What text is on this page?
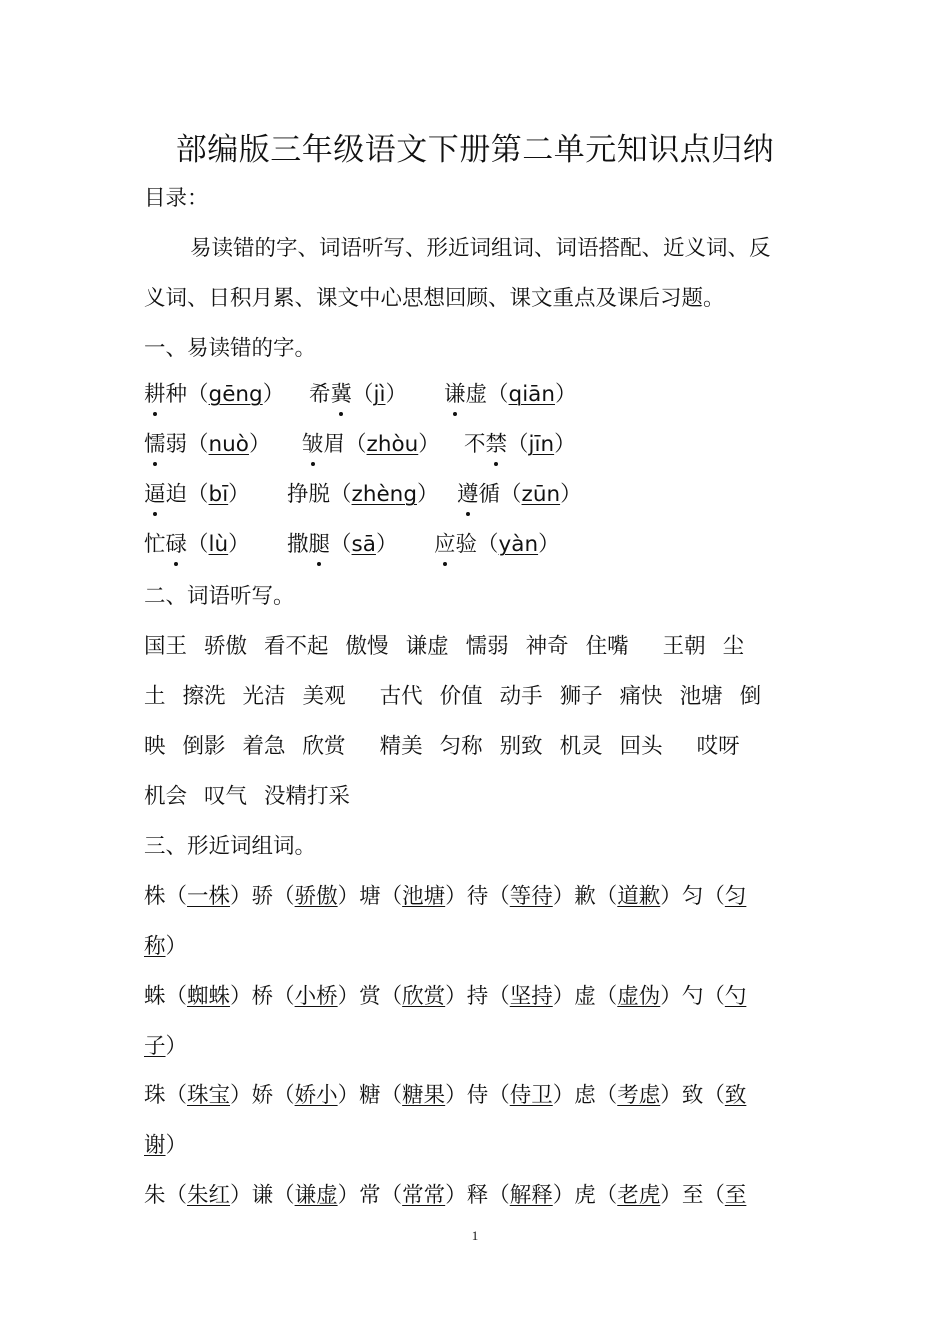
部编版三年级语文下册第二单元知识点归纳
目录：
易读错的字、词语听写、形近词组词、词语搭配、近义词、反
义词、日积月累、课文中心思想回顾、课文重点及课后习题。
一、易读错的字。
耕种（gēng） 希冀（jì） 谦虚（qiān）
懦弱（nuò） 皱眉（zhòu） 不禁（jīn）
逼迫（bī） 挣脱（zhèng） 遵循（zūn）
忙碌（lù） 撒腿（sā） 应验（yàn）
二、词语听写。
国王 骄傲 看不起 傲慢 谦虚 懦弱 神奇 住嘴 王朝 尘
土 擦洗 光洁 美观 古代 价值 动手 狮子 痛快 池塘 倒
映 倒影 着急 欣赏 精美 匀称 别致 机灵 回头 哎呀
机会 叹气 没精打采
三、形近词组词。
株（一株）骄（骄傲）塘（池塘）待（等待）歉（道歉）匀（匀
称）
蛛（蜘蛛）桥（小桥）赏（欣赏）持（坚持）虚（虚伪）勺（勺
子）
珠（珠宝）娇（娇小）糖（糖果）侍（侍卫）虑（考虑）致（致
谢）
朱（朱红）谦（谦虚）常（常常）释（解释）虎（老虎）至（至
1
